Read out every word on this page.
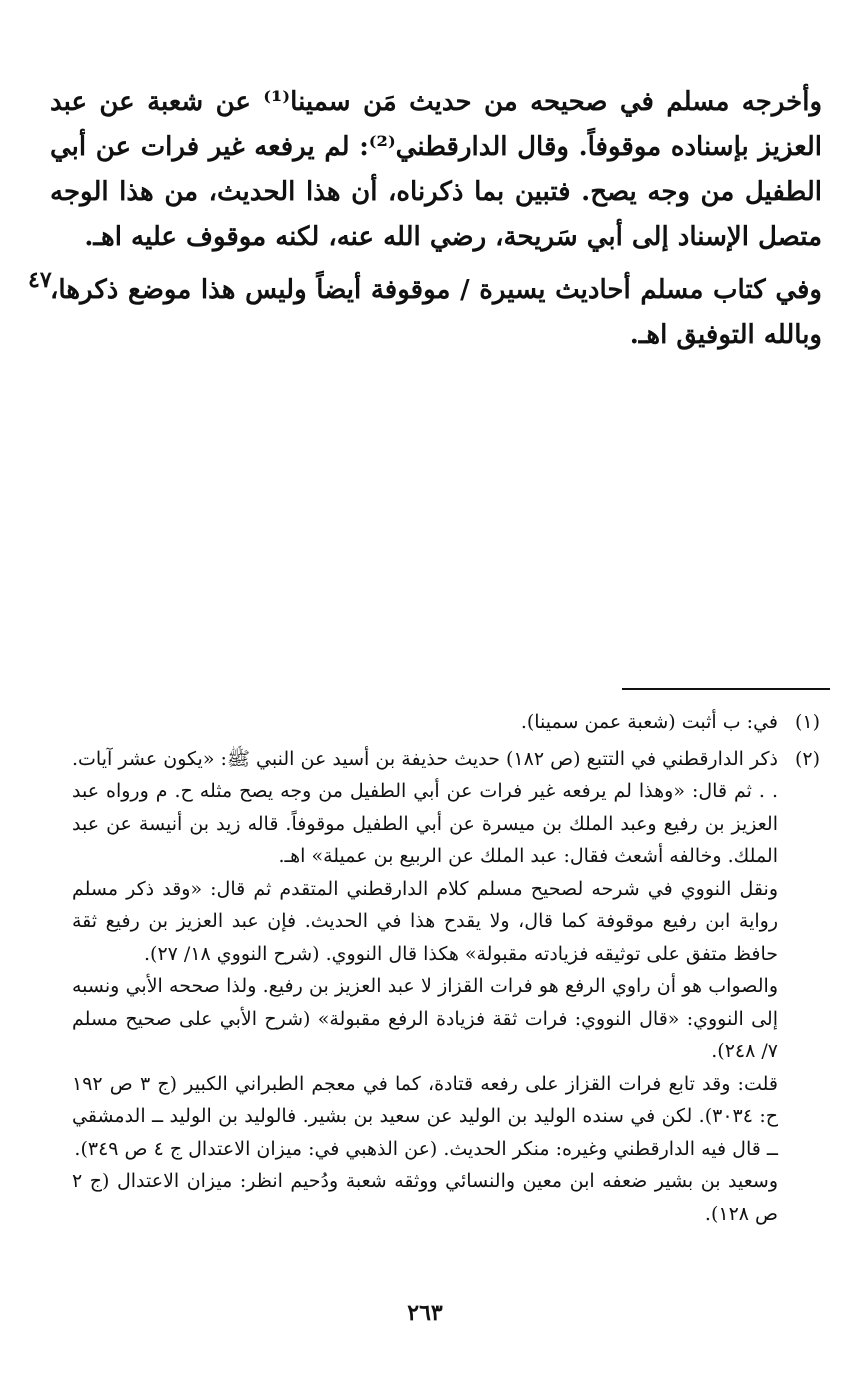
وأخرجه مسلم في صحيحه من حديث مَن سمينا⁽¹⁾ عن شعبة عن عبد العزيز بإسناده موقوفاً. وقال الدارقطني⁽²⁾: لم يرفعه غير فرات عن أبي الطفيل من وجه يصح. فتبين بما ذكرناه، أن هذا الحديث، من هذا الوجه متصل الإسناد إلى أبي سَريحة، رضي الله عنه، لكنه موقوف عليه اهـ.

وفي كتاب مسلم أحاديث يسيرة / موقوفة أيضاً وليس هذا موضع ذكرها، وبالله التوفيق اهـ.

٤٧
(١)

في: ب أثبت (شعبة عمن سمينا).

(٢)

ذكر الدارقطني في التتبع (ص ١٨٢) حديث حذيفة بن أسيد عن النبي ﷺ: «يكون عشر آيات. . . ثم قال: «وهذا لم يرفعه غير فرات عن أبي الطفيل من وجه يصح مثله ح. م ورواه عبد العزيز بن رفيع وعبد الملك بن ميسرة عن أبي الطفيل موقوفاً. قاله زيد بن أنيسة عن عبد الملك. وخالفه أشعث فقال: عبد الملك عن الربيع بن عميلة» اهـ.

ونقل النووي في شرحه لصحيح مسلم كلام الدارقطني المتقدم ثم قال: «وقد ذكر مسلم رواية ابن رفيع موقوفة كما قال، ولا يقدح هذا في الحديث. فإن عبد العزيز بن رفيع ثقة حافظ متفق على توثيقه فزيادته مقبولة» هكذا قال النووي. (شرح النووي ١٨/ ٢٧).

والصواب هو أن راوي الرفع هو فرات القزاز لا عبد العزيز بن رفيع. ولذا صححه الأبي ونسبه إلى النووي: «قال النووي: فرات ثقة فزيادة الرفع مقبولة» (شرح الأبي على صحيح مسلم ٧/ ٢٤٨).

قلت: وقد تابع فرات القزاز على رفعه قتادة، كما في معجم الطبراني الكبير (ج ٣ ص ١٩٢ ح: ٣٠٣٤). لكن في سنده الوليد بن الوليد عن سعيد بن بشير. فالوليد بن الوليد ــ الدمشقي ــ قال فيه الدارقطني وغيره: منكر الحديث. (عن الذهبي في: ميزان الاعتدال ج ٤ ص ٣٤٩).

وسعيد بن بشير ضعفه ابن معين والنسائي ووثقه شعبة ودُحيم انظر: ميزان الاعتدال (ج ٢ ص ١٢٨).

٢٦٣
